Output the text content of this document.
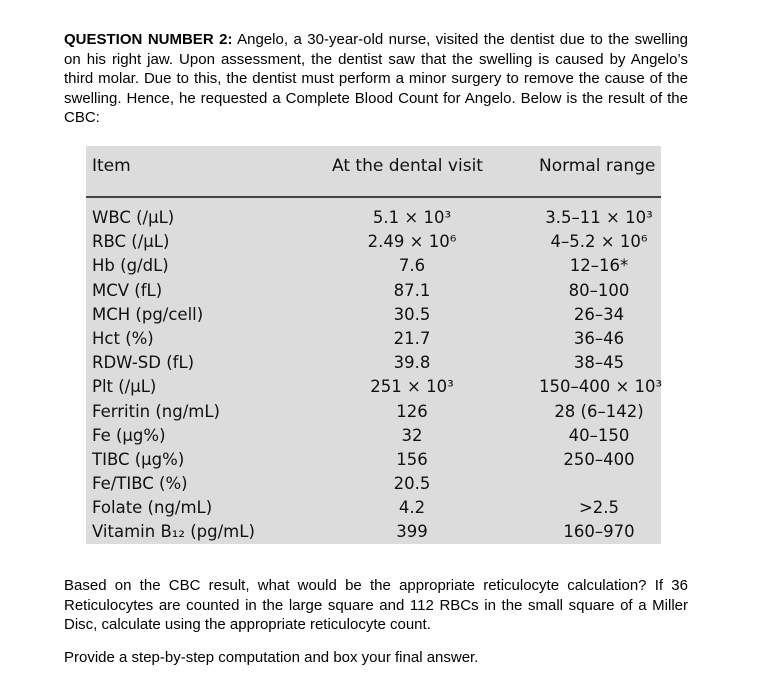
QUESTION NUMBER 2: Angelo, a 30-year-old nurse, visited the dentist due to the swelling on his right jaw. Upon assessment, the dentist saw that the swelling is caused by Angelo’s third molar. Due to this, the dentist must perform a minor surgery to remove the cause of the swelling. Hence, he requested a Complete Blood Count for Angelo. Below is the result of the CBC:

Item	At the dental visit	Normal range
WBC (/μL)	5.1 × 10³	3.5–11 × 10³
RBC (/μL)	2.49 × 10⁶	4–5.2 × 10⁶
Hb (g/dL)	7.6	12–16*
MCV (fL)	87.1	80–100
MCH (pg/cell)	30.5	26–34
Hct (%)	21.7	36–46
RDW-SD (fL)	39.8	38–45
Plt (/μL)	251 × 10³	150–400 × 10³
Ferritin (ng/mL)	126	28 (6–142)
Fe (μg%)	32	40–150
TIBC (μg%)	156	250–400
Fe/TIBC (%)	20.5
Folate (ng/mL)	4.2	>2.5
Vitamin B₁₂ (pg/mL)	399	160–970

Based on the CBC result, what would be the appropriate reticulocyte calculation? If 36 Reticulocytes are counted in the large square and 112 RBCs in the small square of a Miller Disc, calculate using the appropriate reticulocyte count.

Provide a step-by-step computation and box your final answer.
